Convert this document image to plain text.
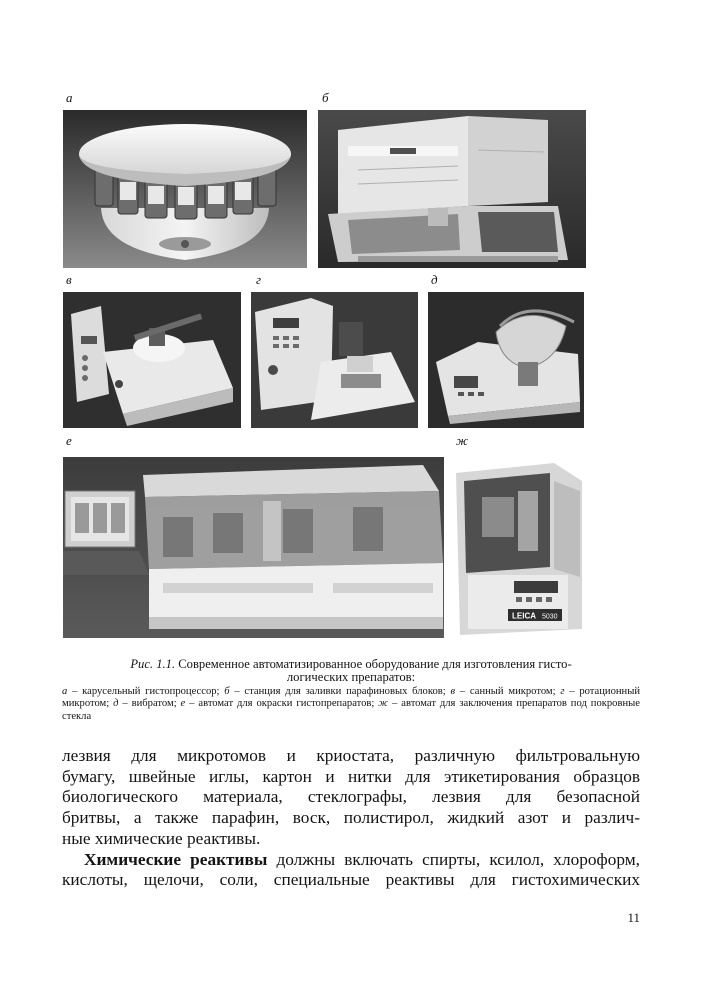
а	б
в	г	д
е	ж
LEICA 5030
Рис. 1.1. Современное автоматизированное оборудование для изготовления гисто-
логических препаратов:
а – карусельный гистопроцессор; б – станция для заливки парафиновых блоков; в – санный микротом; г – ротационный микротом; д – вибратом; е – автомат для окраски гистопрепаратов; ж – автомат для заключения препаратов под покровные стекла
лезвия для микротомов и криостата, различную фильтровальную
бумагу, швейные иглы, картон и нитки для этикетирования образцов
биологического материала, стеклографы, лезвия для безопасной
бритвы, а также парафин, воск, полистирол, жидкий азот и различ-
ные химические реактивы.
Химические реактивы должны включать спирты, ксилол, хлороформ,
кислоты, щелочи, соли, специальные реактивы для гистохимических
11
